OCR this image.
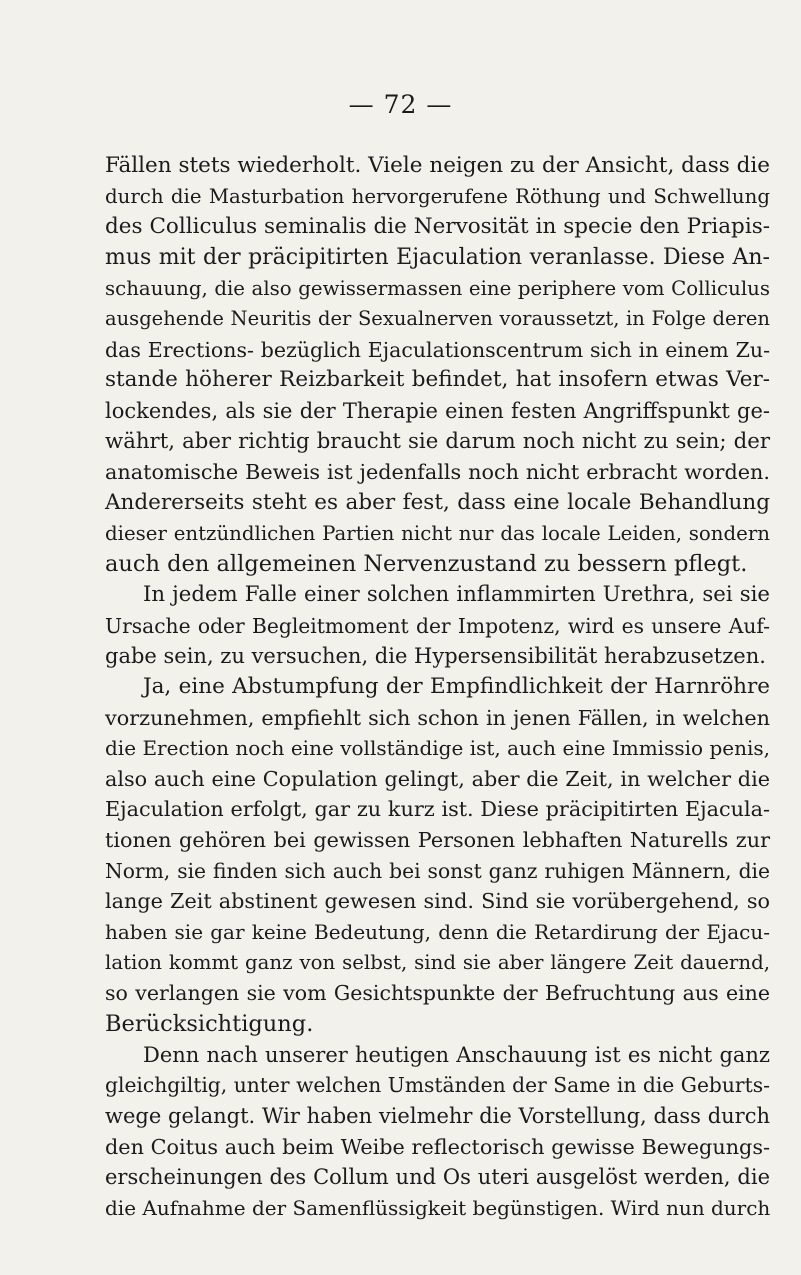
— 72 —
Fällen stets wiederholt. Viele neigen zu der Ansicht, dass die
durch die Masturbation hervorgerufene Röthung und Schwellung
des Colliculus seminalis die Nervosität in specie den Priapis-
mus mit der präcipitirten Ejaculation veranlasse. Diese An-
schauung, die also gewissermassen eine periphere vom Colliculus
ausgehende Neuritis der Sexualnerven voraussetzt, in Folge deren
das Erections- bezüglich Ejaculationscentrum sich in einem Zu-
stande höherer Reizbarkeit befindet, hat insofern etwas Ver-
lockendes, als sie der Therapie einen festen Angriffspunkt ge-
währt, aber richtig braucht sie darum noch nicht zu sein; der
anatomische Beweis ist jedenfalls noch nicht erbracht worden.
Andererseits steht es aber fest, dass eine locale Behandlung
dieser entzündlichen Partien nicht nur das locale Leiden, sondern
auch den allgemeinen Nervenzustand zu bessern pflegt.
In jedem Falle einer solchen inflammirten Urethra, sei sie
Ursache oder Begleitmoment der Impotenz, wird es unsere Auf-
gabe sein, zu versuchen, die Hypersensibilität herabzusetzen.
Ja, eine Abstumpfung der Empfindlichkeit der Harnröhre
vorzunehmen, empfiehlt sich schon in jenen Fällen, in welchen
die Erection noch eine vollständige ist, auch eine Immissio penis,
also auch eine Copulation gelingt, aber die Zeit, in welcher die
Ejaculation erfolgt, gar zu kurz ist. Diese präcipitirten Ejacula-
tionen gehören bei gewissen Personen lebhaften Naturells zur
Norm, sie finden sich auch bei sonst ganz ruhigen Männern, die
lange Zeit abstinent gewesen sind. Sind sie vorübergehend, so
haben sie gar keine Bedeutung, denn die Retardirung der Ejacu-
lation kommt ganz von selbst, sind sie aber längere Zeit dauernd,
so verlangen sie vom Gesichtspunkte der Befruchtung aus eine
Berücksichtigung.
Denn nach unserer heutigen Anschauung ist es nicht ganz
gleichgiltig, unter welchen Umständen der Same in die Geburts-
wege gelangt. Wir haben vielmehr die Vorstellung, dass durch
den Coitus auch beim Weibe reflectorisch gewisse Bewegungs-
erscheinungen des Collum und Os uteri ausgelöst werden, die
die Aufnahme der Samenflüssigkeit begünstigen. Wird nun durch
